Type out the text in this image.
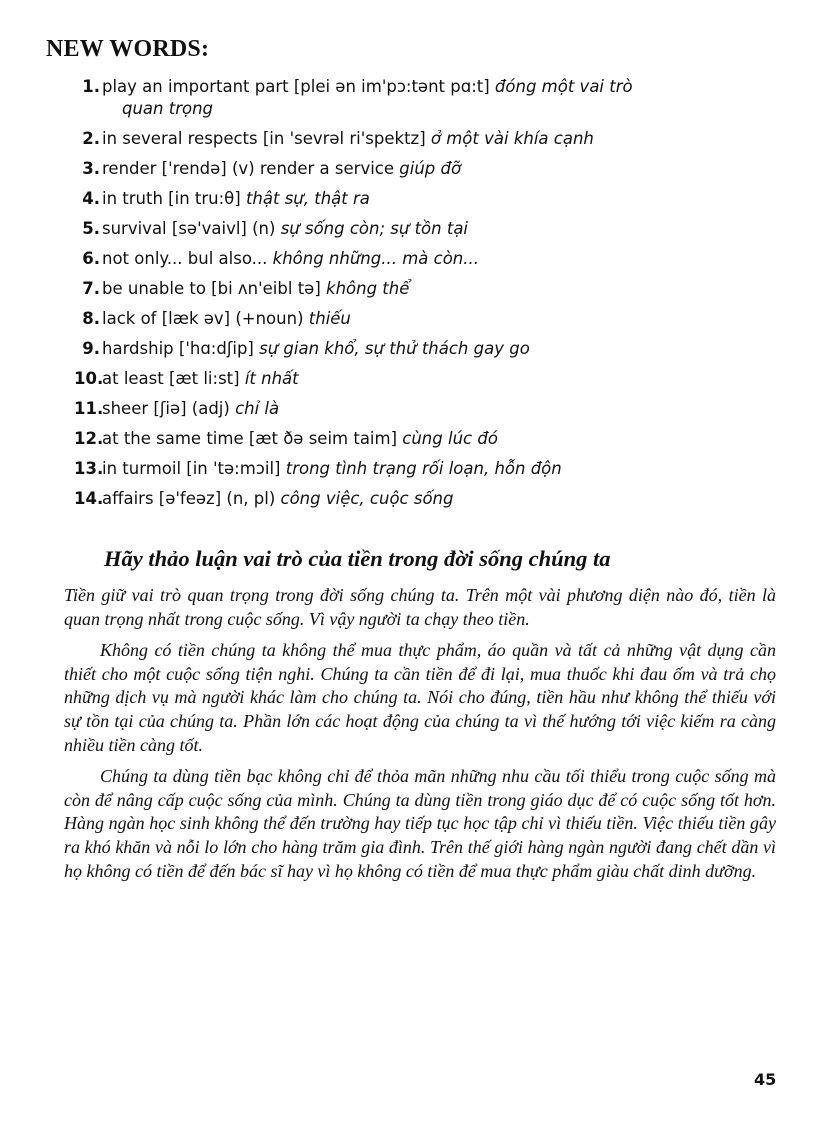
NEW WORDS:
1 . play an important part [plei ən im'pɔ:tənt pɑ:t] đóng một vai trò
quan trọng
2 . in several respects [in 'sevrəl ri'spektz] ở một vài khía cạnh
3 . render ['rendə] (v) render a service giúp đỡ
4 . in truth [in tru:θ] thật sự, thật ra
5 . survival [sə'vaivl] (n) sự sống còn; sự tồn tại
6 . not only... bul also... không những... mà còn...
7 . be unable to [bi ʌn'eibl tə] không thể
8 . lack of [læk əv] (+noun) thiếu
9 . hardship ['hɑ:dʃip] sự gian khổ, sự thử thách gay go
10 . at least [æt li:st] ít nhất
11 . sheer [ʃiə] (adj) chỉ là
12 . at the same time [æt ðə seim taim] cùng lúc đó
13 . in turmoil [in 'tə:mɔil] trong tình trạng rối loạn, hỗn độn
14 . affairs [ə'feəz] (n, pl) công việc, cuộc sống
Hãy thảo luận vai trò của tiền trong đời sống chúng ta

Tiền giữ vai trò quan trọng trong đời sống chúng ta. Trên một vài phương diện nào đó, tiền là quan trọng nhất trong cuộc sống. Vì vậy người ta chạy theo tiền.

Không có tiền chúng ta không thể mua thực phẩm, áo quần và tất cả những vật dụng cần thiết cho một cuộc sống tiện nghi. Chúng ta cần tiền để đi lại, mua thuốc khi đau ốm và trả chọ những dịch vụ mà người khác làm cho chúng ta. Nói cho đúng, tiền hầu như không thể thiếu với sự tồn tại của chúng ta. Phần lớn các hoạt động của chúng ta vì thế hướng tới việc kiếm ra càng nhiều tiền càng tốt.

Chúng ta dùng tiền bạc không chỉ để thỏa mãn những nhu cầu tối thiểu trong cuộc sống mà còn để nâng cấp cuộc sống của mình. Chúng ta dùng tiền trong giáo dục để có cuộc sống tốt hơn. Hàng ngàn học sinh không thể đến trường hay tiếp tục học tập chỉ vì thiếu tiền. Việc thiếu tiền gây ra khó khăn và nỗi lo lớn cho hàng trăm gia đình. Trên thế giới hàng ngàn người đang chết dần vì họ không có tiền để đến bác sĩ hay vì họ không có tiền để mua thực phẩm giàu chất dinh dưỡng.

45
